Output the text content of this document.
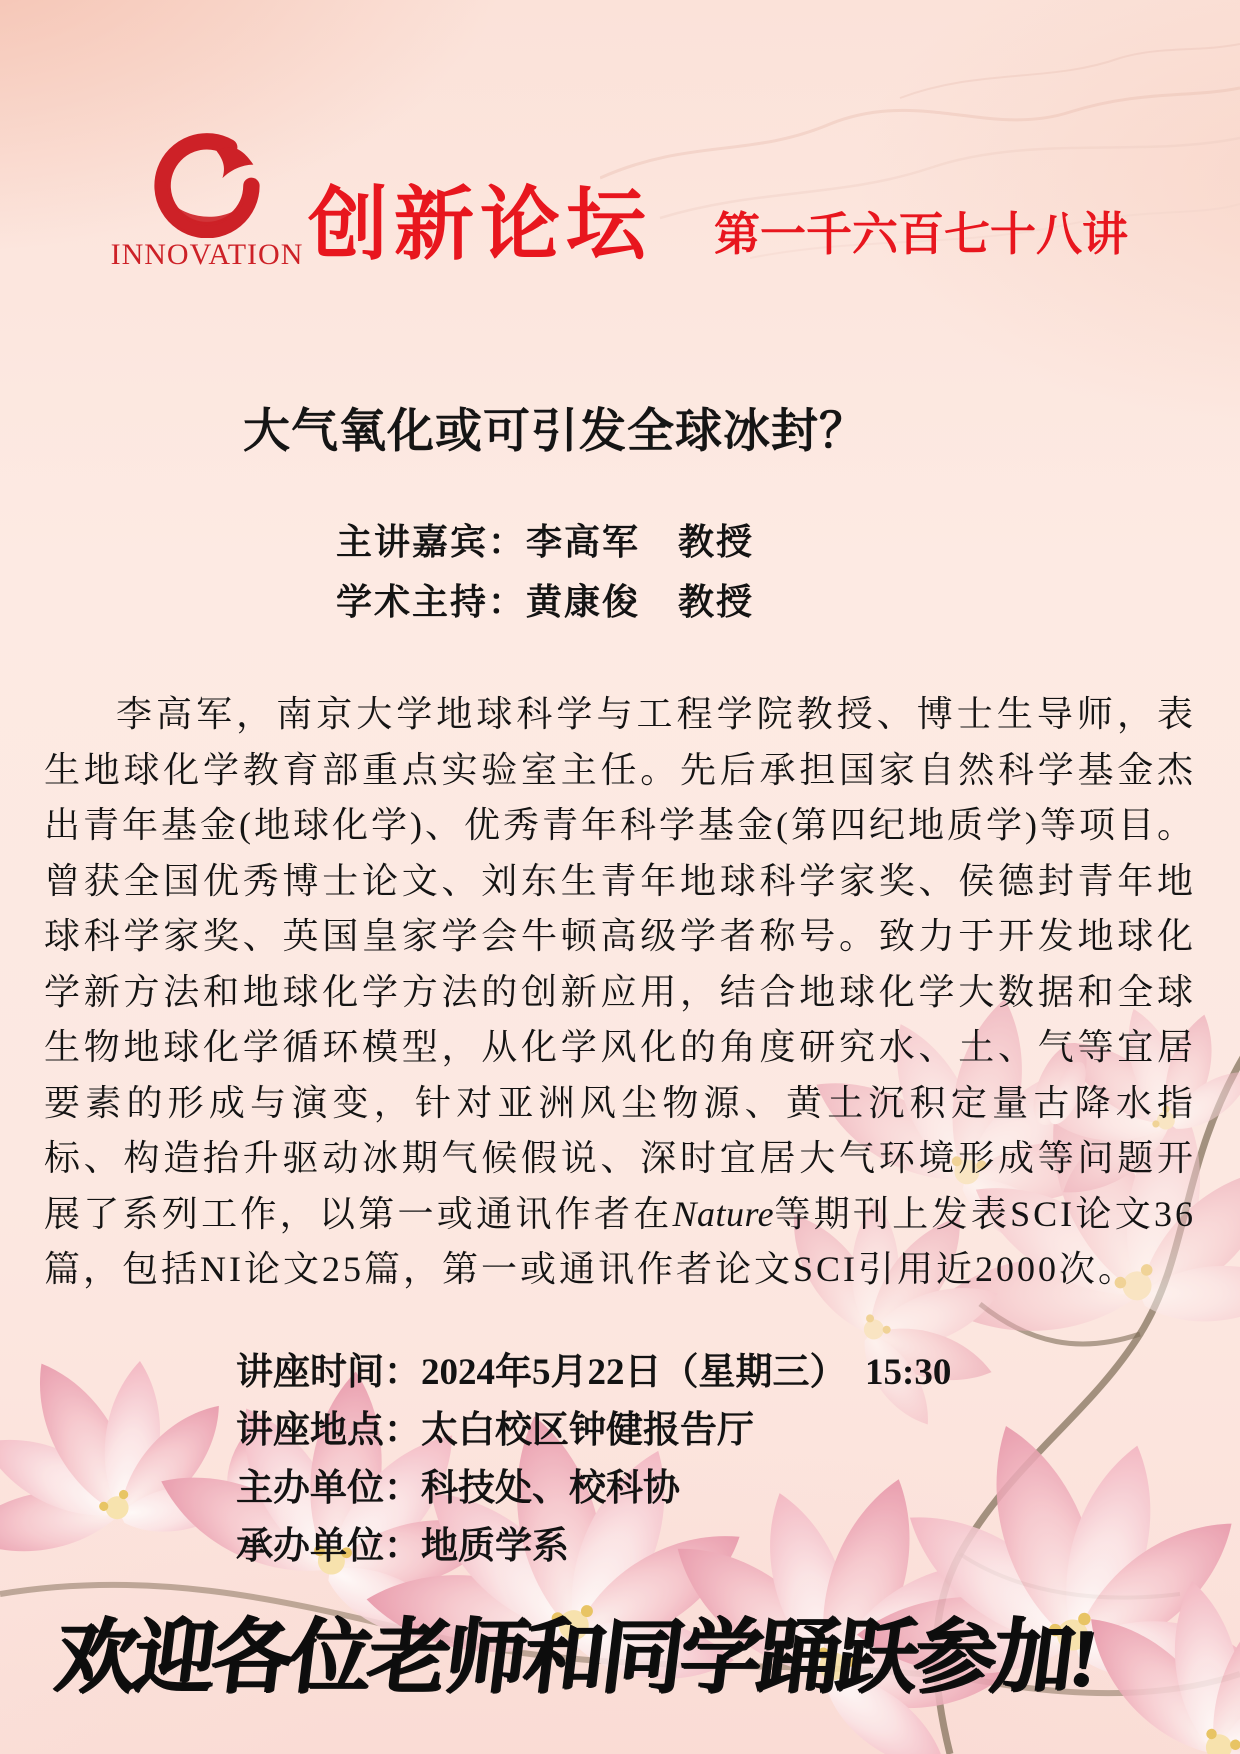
INNOVATION 创新论坛 第一千六百七十八讲
大气氧化或可引发全球冰封？
主讲嘉宾：李高军　教授
学术主持：黄康俊　教授

李高军，南京大学地球科学与工程学院教授、博士生导师，表生地球化学教育部重点实验室主任。先后承担国家自然科学基金杰出青年基金(地球化学)、优秀青年科学基金(第四纪地质学)等项目。曾获全国优秀博士论文、刘东生青年地球科学家奖、侯德封青年地球科学家奖、英国皇家学会牛顿高级学者称号。致力于开发地球化学新方法和地球化学方法的创新应用，结合地球化学大数据和全球生物地球化学循环模型，从化学风化的角度研究水、土、气等宜居要素的形成与演变，针对亚洲风尘物源、黄土沉积定量古降水指标、构造抬升驱动冰期气候假说、深时宜居大气环境形成等问题开展了系列工作，以第一或通讯作者在Nature等期刊上发表SCI论文36篇，包括NI论文25篇，第一或通讯作者论文SCI引用近2000次。

讲座时间：2024年5月22日（星期三）　15:30
讲座地点：太白校区钟健报告厅
主办单位：科技处、校科协
承办单位：地质学系
欢迎各位老师和同学踊跃参加!
